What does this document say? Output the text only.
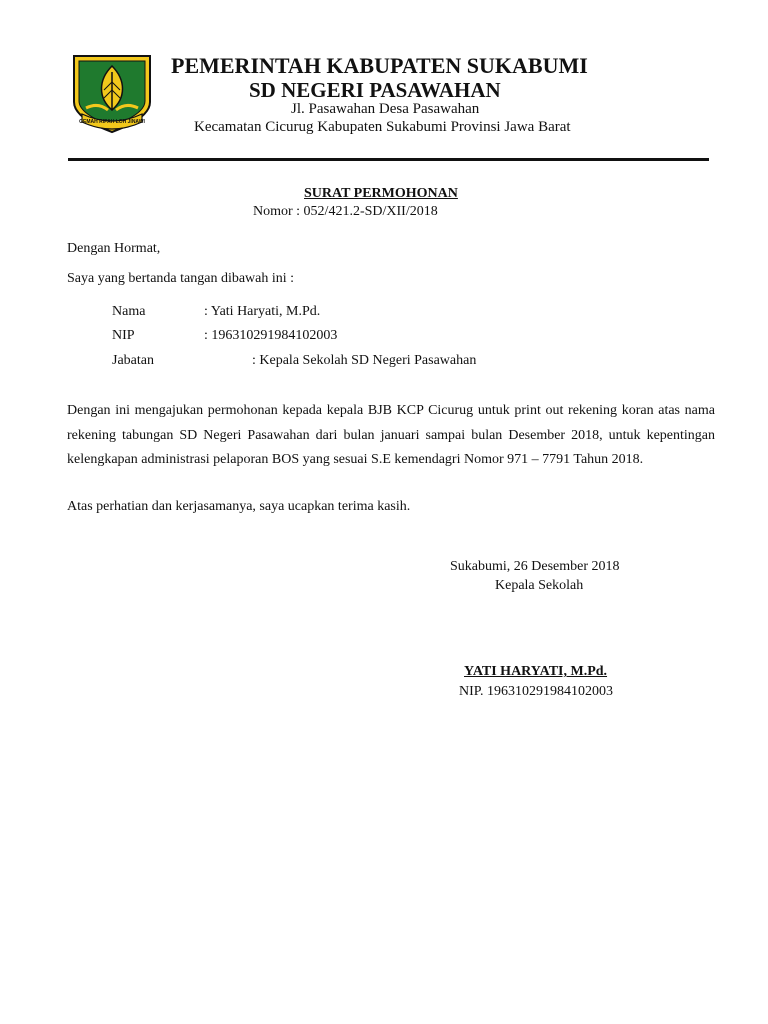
GEMAH RIPAH LOH JINAWI
PEMERINTAH KABUPATEN SUKABUMI
SD NEGERI PASAWAHAN
Jl. Pasawahan Desa Pasawahan
Kecamatan Cicurug Kabupaten Sukabumi Provinsi Jawa Barat
SURAT PERMOHONAN
Nomor : 052/421.2-SD/XII/2018
Dengan Hormat,
Saya yang bertanda tangan dibawah ini :
Nama	: Yati Haryati, M.Pd.
NIP	: 196310291984102003
Jabatan	: Kepala Sekolah SD Negeri Pasawahan
Dengan ini mengajukan permohonan kepada kepala BJB KCP Cicurug untuk print out rekening koran atas nama rekening tabungan SD Negeri Pasawahan dari bulan januari sampai bulan Desember 2018, untuk kepentingan kelengkapan administrasi pelaporan BOS yang sesuai S.E kemendagri Nomor 971 – 7791 Tahun 2018.
Atas perhatian dan kerjasamanya, saya ucapkan terima kasih.
Sukabumi, 26 Desember 2018
Kepala Sekolah
YATI HARYATI, M.Pd.
NIP. 196310291984102003
